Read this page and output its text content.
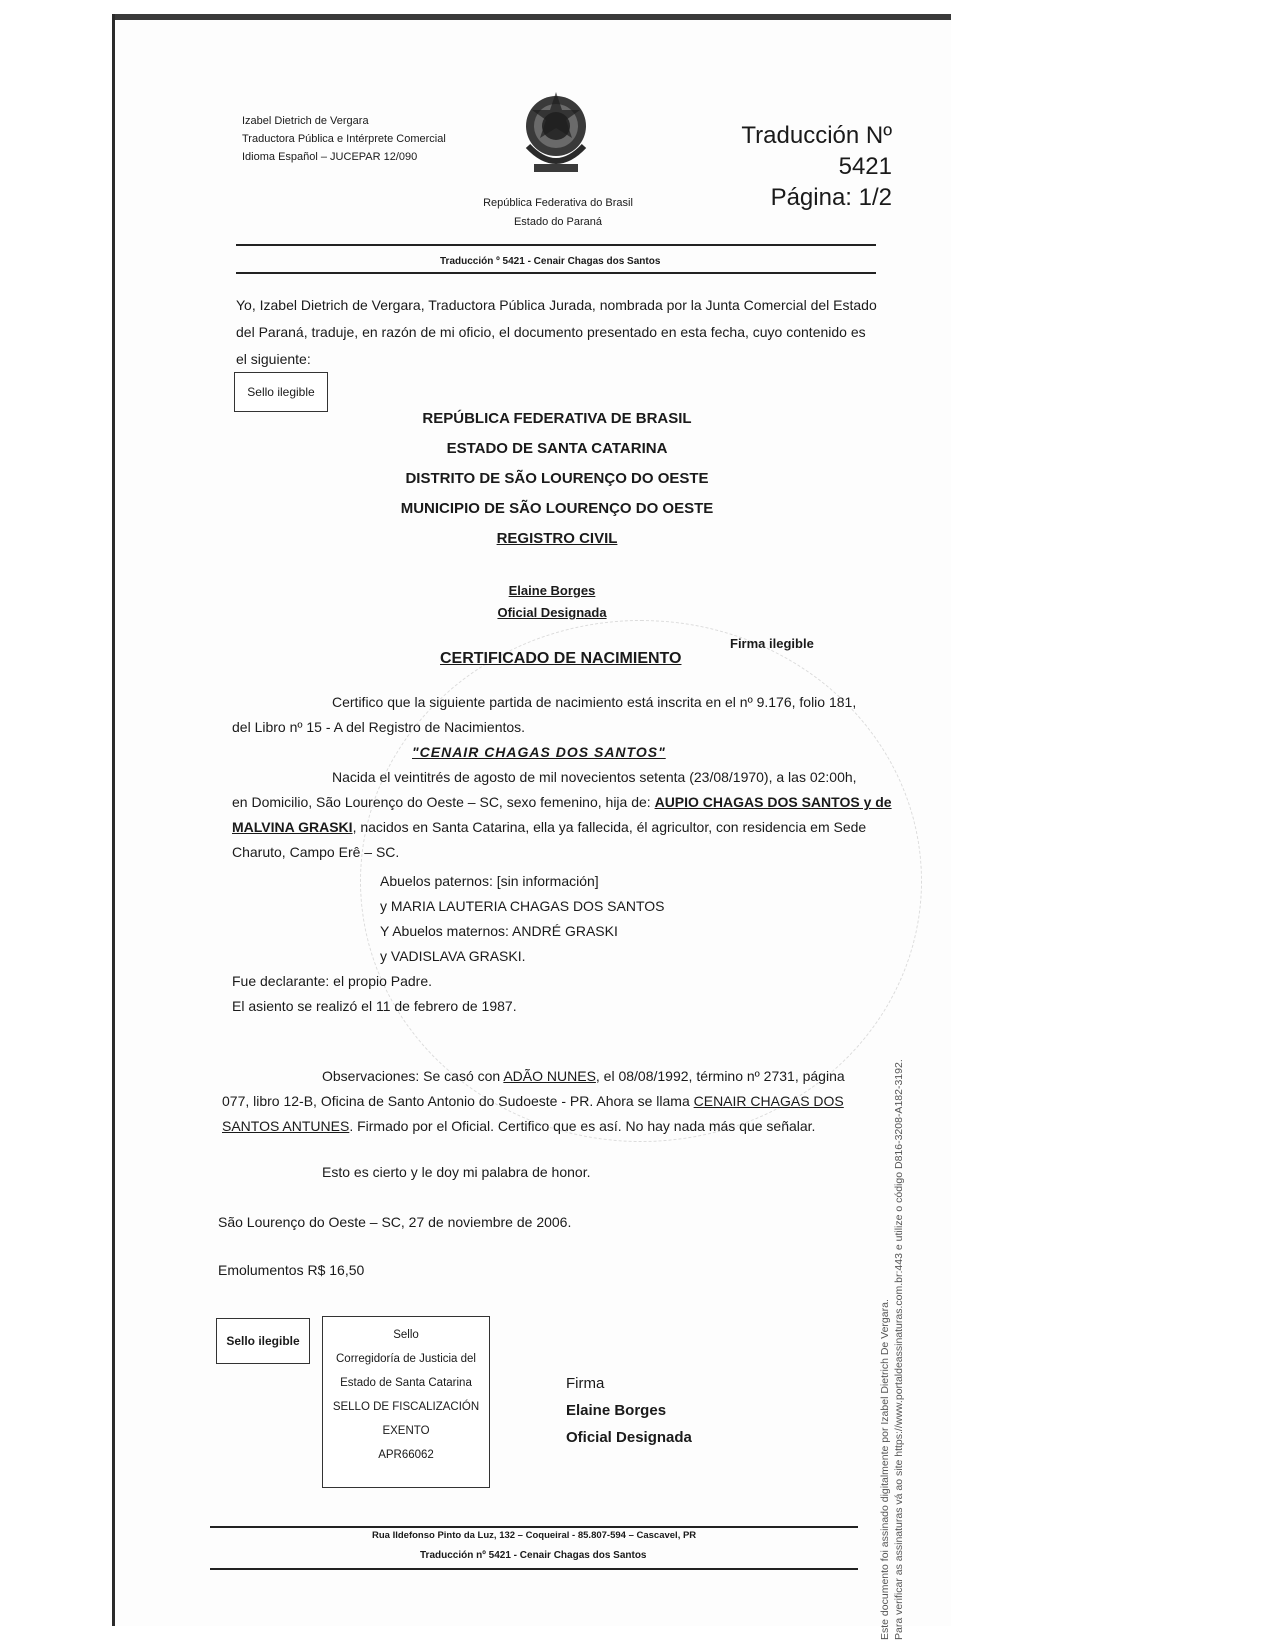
Izabel Dietrich de Vergara
Traductora Pública e Intérprete Comercial
Idioma Español – JUCEPAR 12/090
República Federativa do Brasil
Estado do Paraná
Traducción Nº 5421
Página: 1/2
Traducción º 5421 - Cenair Chagas dos Santos
Yo, Izabel Dietrich de Vergara, Traductora Pública Jurada, nombrada por la Junta Comercial del Estado
del Paraná, traduje, en razón de mi oficio, el documento presentado en esta fecha, cuyo contenido es
el siguiente:
Sello ilegible
REPÚBLICA FEDERATIVA DE BRASIL
ESTADO DE SANTA CATARINA
DISTRITO DE SÃO LOURENÇO DO OESTE
MUNICIPIO DE SÃO LOURENÇO DO OESTE
REGISTRO CIVIL
Elaine Borges
Oficial Designada
Firma ilegible
CERTIFICADO DE NACIMIENTO
Certifico que la siguiente partida de nacimiento está inscrita en el nº 9.176, folio 181,
del Libro nº 15 - A del Registro de Nacimientos.
"CENAIR CHAGAS DOS SANTOS"
Nacida el veintitrés de agosto de mil novecientos setenta (23/08/1970), a las 02:00h,
en Domicilio, São Lourenço do Oeste – SC, sexo femenino, hija de: AUPIO CHAGAS DOS SANTOS y de
MALVINA GRASKI, nacidos en Santa Catarina, ella ya fallecida, él agricultor, con residencia em Sede
Charuto, Campo Erê – SC.
Abuelos paternos: [sin información]
y MARIA LAUTERIA CHAGAS DOS SANTOS
Y Abuelos maternos: ANDRÉ GRASKI
y VADISLAVA GRASKI.
Fue declarante: el propio Padre.
El asiento se realizó el 11 de febrero de 1987.
Observaciones: Se casó con ADÃO NUNES, el 08/08/1992, término nº 2731, página
077, libro 12-B, Oficina de Santo Antonio do Sudoeste - PR. Ahora se llama CENAIR CHAGAS DOS
SANTOS ANTUNES. Firmado por el Oficial. Certifico que es así. No hay nada más que señalar.
Esto es cierto y le doy mi palabra de honor.
São Lourenço do Oeste – SC, 27 de noviembre de 2006.
Emolumentos R$ 16,50
Sello ilegible	Sello
Corregidoría de Justicia del
Estado de Santa Catarina
SELLO DE FISCALIZACIÓN
EXENTO
APR66062
Firma
Elaine Borges
Oficial Designada
Rua Ildefonso Pinto da Luz, 132 – Coqueiral - 85.807-594 – Cascavel, PR
Traducción nº 5421 - Cenair Chagas dos Santos	Este documento foi assinado digitalmente por Izabel Dietrich De Vergara. Para verificar as assinaturas vá ao site https://www.portaldeassinaturas.com.br:443 e utilize o código D816-3208-A182-3192.
